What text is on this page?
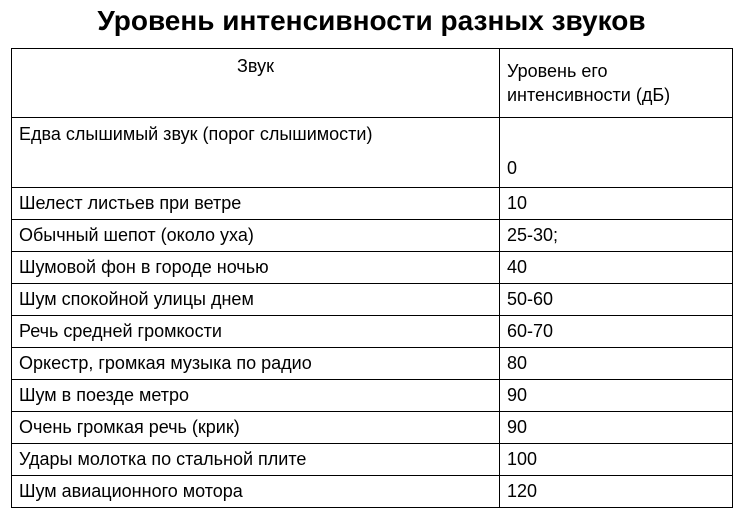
Уровень интенсивности разных звуков
Звук	Уровень его интенсивности (дБ)
Едва слышимый звук (порог слышимости)	0
Шелест листьев при ветре	10
Обычный шепот (около уха)	25-30;
Шумовой фон в городе ночью	40
Шум спокойной улицы днем	50-60
Речь средней громкости	60-70
Оркестр, громкая музыка по радио	80
Шум в поезде метро	90
Очень громкая речь (крик)	90
Удары молотка по стальной плите	100
Шум авиационного мотора	120
